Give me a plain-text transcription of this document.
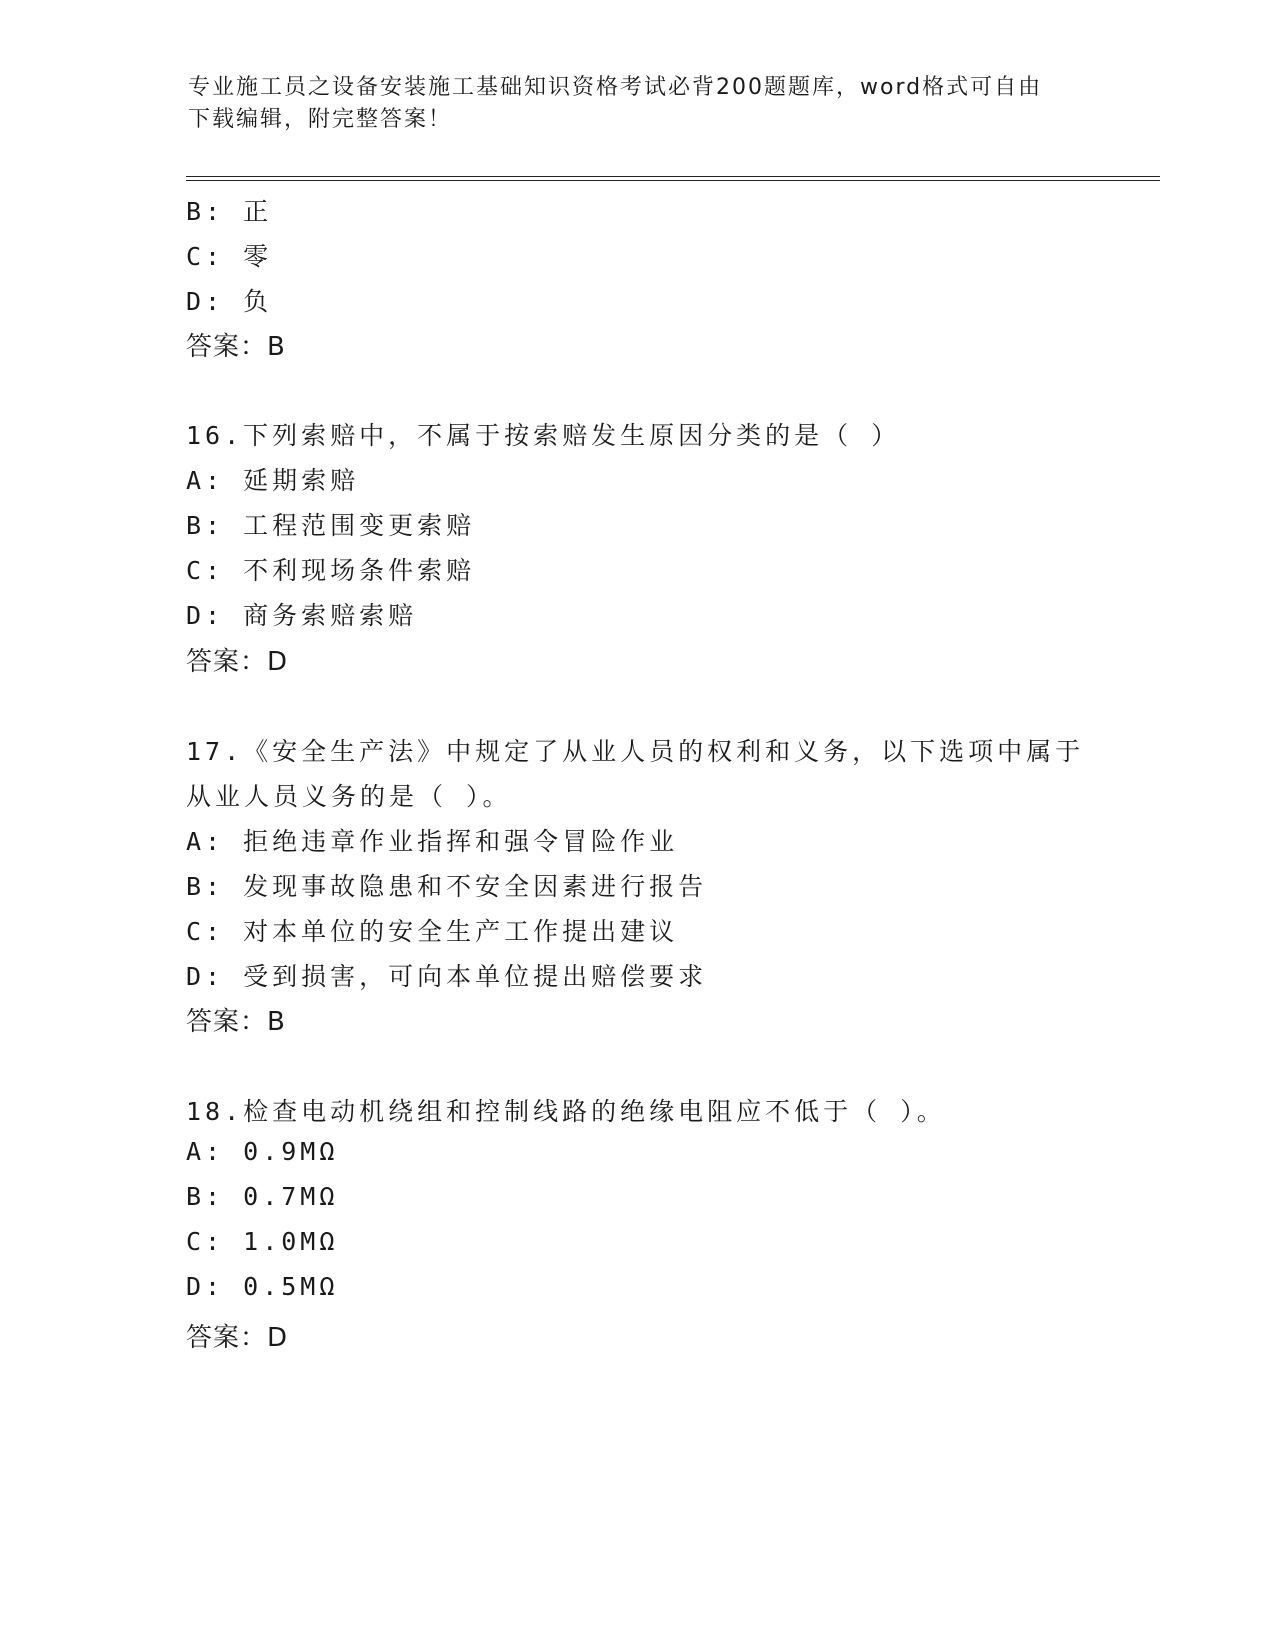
专业施工员之设备安装施工基础知识资格考试必背200题题库，word格式可自由
下载编辑，附完整答案！
B: 正
C: 零
D: 负
答案：B
16.下列索赔中，不属于按索赔发生原因分类的是（ ）
A: 延期索赔
B: 工程范围变更索赔
C: 不利现场条件索赔
D: 商务索赔索赔
答案：D
17.《安全生产法》中规定了从业人员的权利和义务，以下选项中属于
从业人员义务的是（ ）。
A: 拒绝违章作业指挥和强令冒险作业
B: 发现事故隐患和不安全因素进行报告
C: 对本单位的安全生产工作提出建议
D: 受到损害，可向本单位提出赔偿要求
答案：B
18.检查电动机绕组和控制线路的绝缘电阻应不低于（ ）。
A: 0.9MΩ
B: 0.7MΩ
C: 1.0MΩ
D: 0.5MΩ
答案：D
